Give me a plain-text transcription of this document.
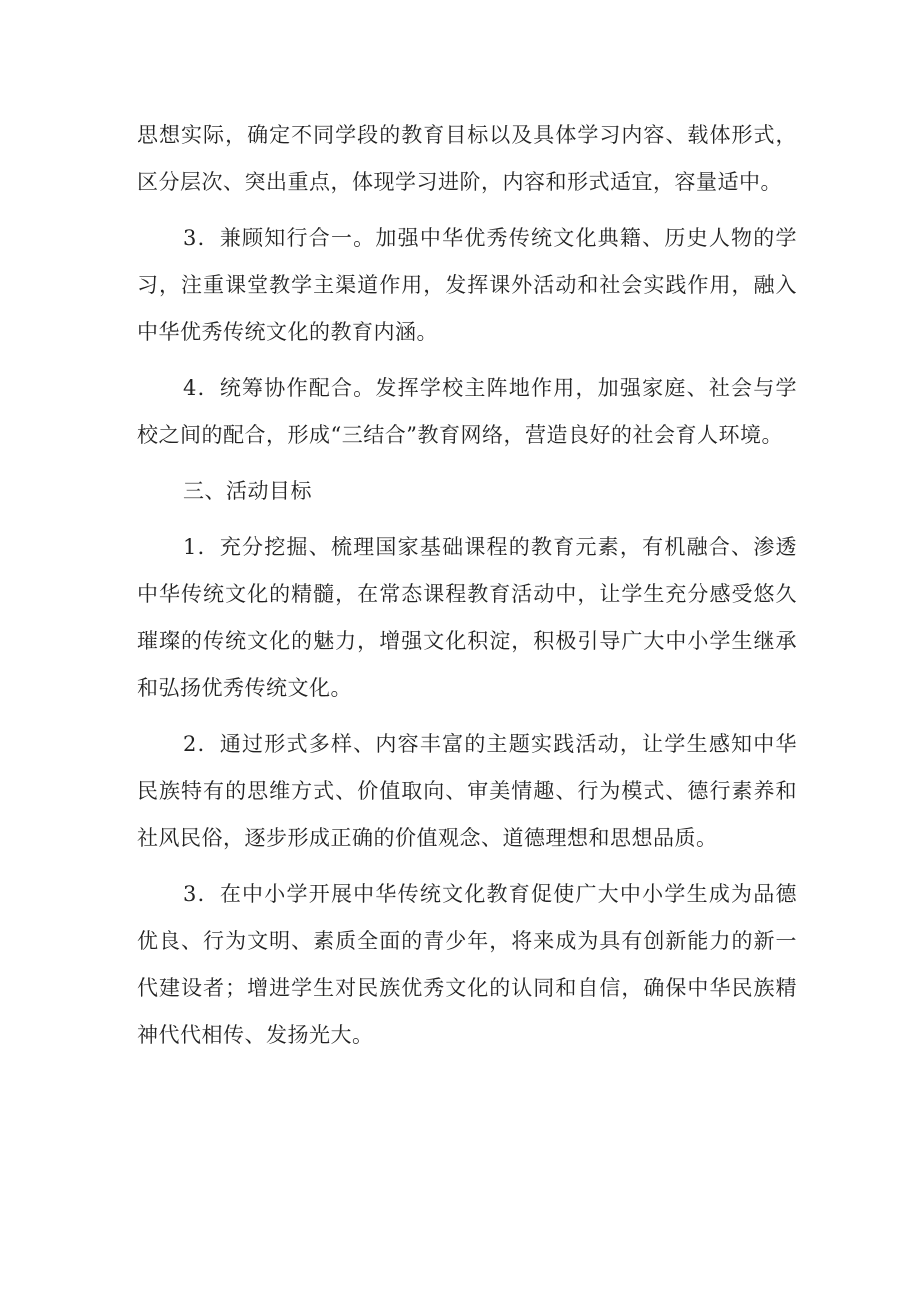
思想实际，确定不同学段的教育目标以及具体学习内容、载体形式，区分层次、突出重点，体现学习进阶，内容和形式适宜，容量适中。

3．兼顾知行合一。加强中华优秀传统文化典籍、历史人物的学习，注重课堂教学主渠道作用，发挥课外活动和社会实践作用，融入中华优秀传统文化的教育内涵。

4．统筹协作配合。发挥学校主阵地作用，加强家庭、社会与学校之间的配合，形成“三结合”教育网络，营造良好的社会育人环境。

三、活动目标

1．充分挖掘、梳理国家基础课程的教育元素，有机融合、渗透中华传统文化的精髓，在常态课程教育活动中，让学生充分感受悠久璀璨的传统文化的魅力，增强文化积淀，积极引导广大中小学生继承和弘扬优秀传统文化。

2．通过形式多样、内容丰富的主题实践活动，让学生感知中华民族特有的思维方式、价值取向、审美情趣、行为模式、德行素养和社风民俗，逐步形成正确的价值观念、道德理想和思想品质。

3．在中小学开展中华传统文化教育促使广大中小学生成为品德优良、行为文明、素质全面的青少年，将来成为具有创新能力的新一代建设者；增进学生对民族优秀文化的认同和自信，确保中华民族精神代代相传、发扬光大。
